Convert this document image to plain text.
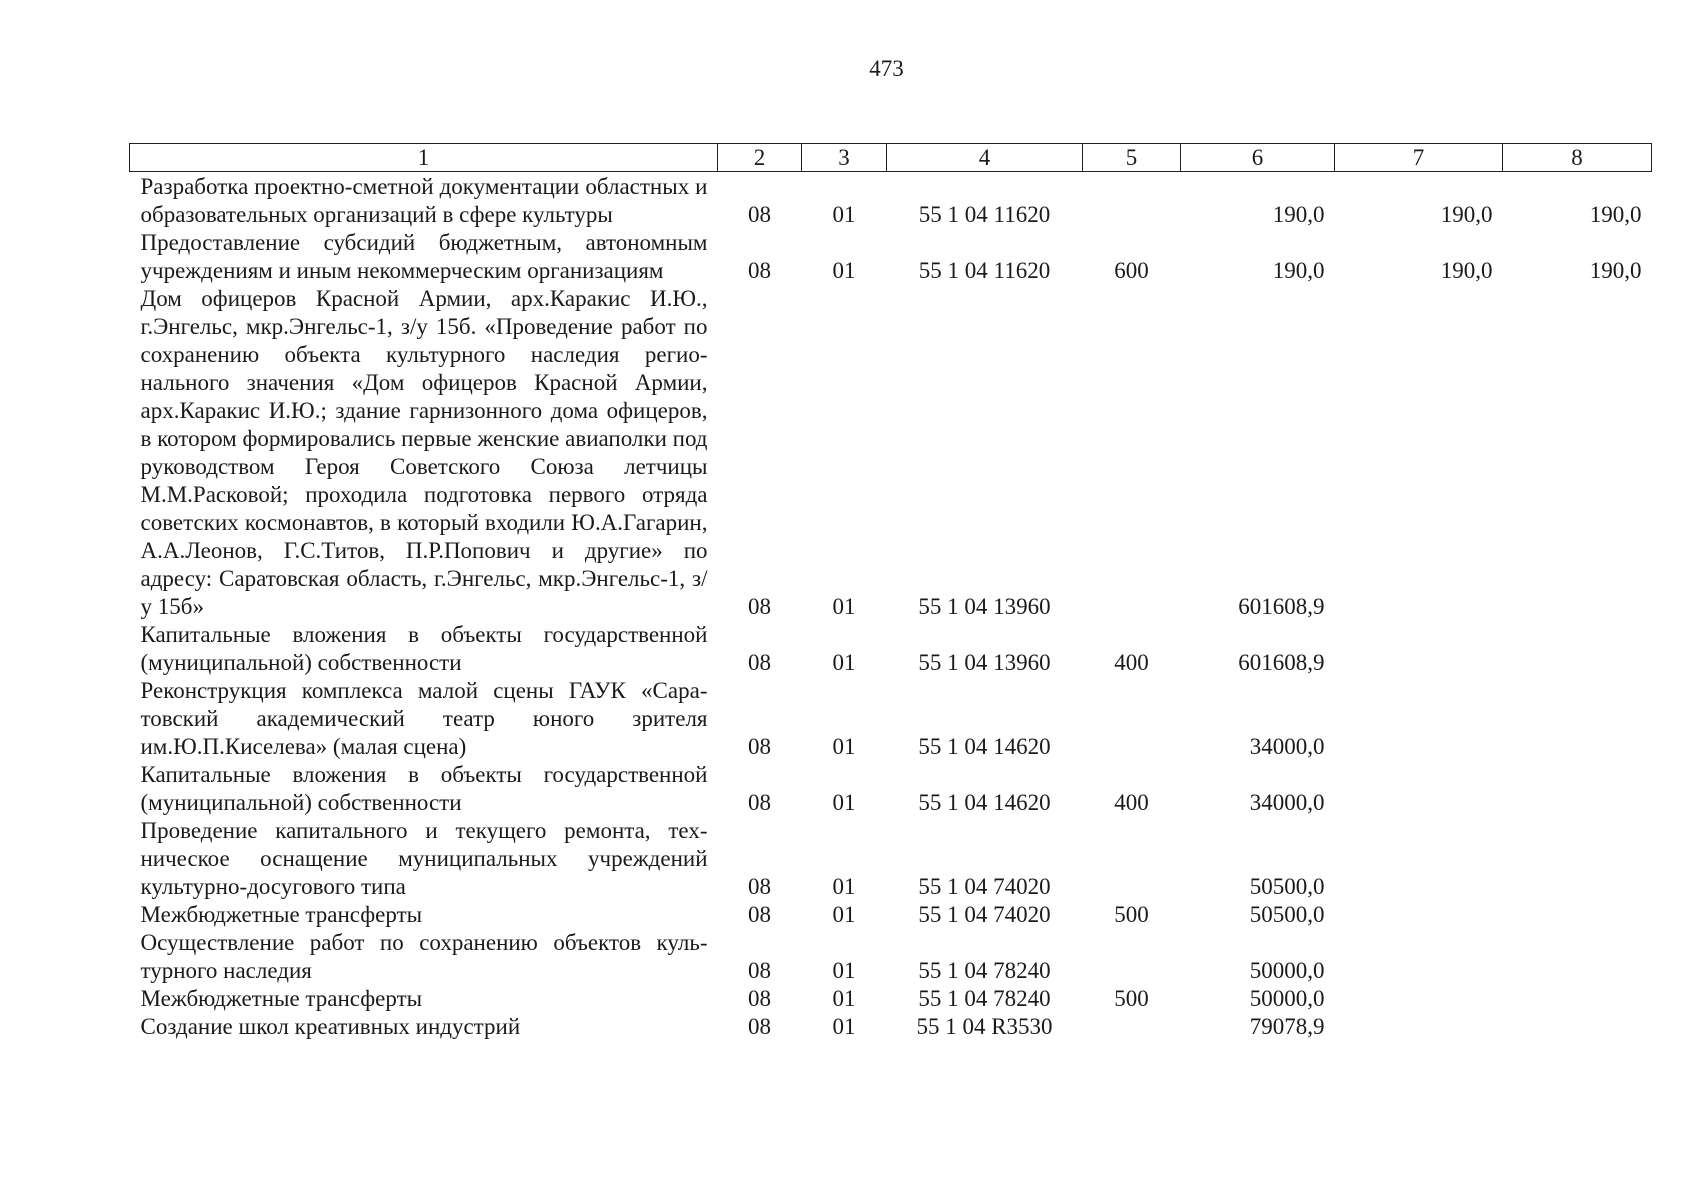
473
1	2	3	4	5	6	7	8
Разработка проектно-сметной документации областных и образовательных организаций в сфере культуры	08	01	55 1 04 11620		190,0	190,0	190,0
Предоставление субсидий бюджетным, автономным учреждениям и иным некоммерческим организациям	08	01	55 1 04 11620	600	190,0	190,0	190,0
Дом офицеров Красной Армии, арх.Каракис И.Ю., г.Энгельс, мкр.Энгельс-1, з/у 15б. «Проведение работ по сохранению объекта культурного наследия регионального значения «Дом офицеров Красной Армии, арх.Каракис И.Ю.; здание гарнизонного дома офицеров, в котором формировались первые женские авиаполки под руководством Героя Советского Союза летчицы М.М.Расковой; проходила подготовка первого отряда советских космонавтов, в который входили Ю.А.Гагарин, А.А.Леонов, Г.С.Титов, П.Р.Попович и другие» по адресу: Саратовская область, г.Энгельс, мкр.Энгельс-1, з/у 15б»	08	01	55 1 04 13960		601608,9		
Капитальные вложения в объекты государственной (муниципальной) собственности	08	01	55 1 04 13960	400	601608,9		
Реконструкция комплекса малой сцены ГАУК «Саратовский академический театр юного зрителя им.Ю.П.Киселева» (малая сцена)	08	01	55 1 04 14620		34000,0		
Капитальные вложения в объекты государственной (муниципальной) собственности	08	01	55 1 04 14620	400	34000,0		
Проведение капитального и текущего ремонта, техническое оснащение муниципальных учреждений культурно-досугового типа	08	01	55 1 04 74020		50500,0		
Межбюджетные трансферты	08	01	55 1 04 74020	500	50500,0		
Осуществление работ по сохранению объектов культурного наследия	08	01	55 1 04 78240		50000,0		
Межбюджетные трансферты	08	01	55 1 04 78240	500	50000,0		
Создание школ креативных индустрий	08	01	55 1 04 R3530		79078,9		
